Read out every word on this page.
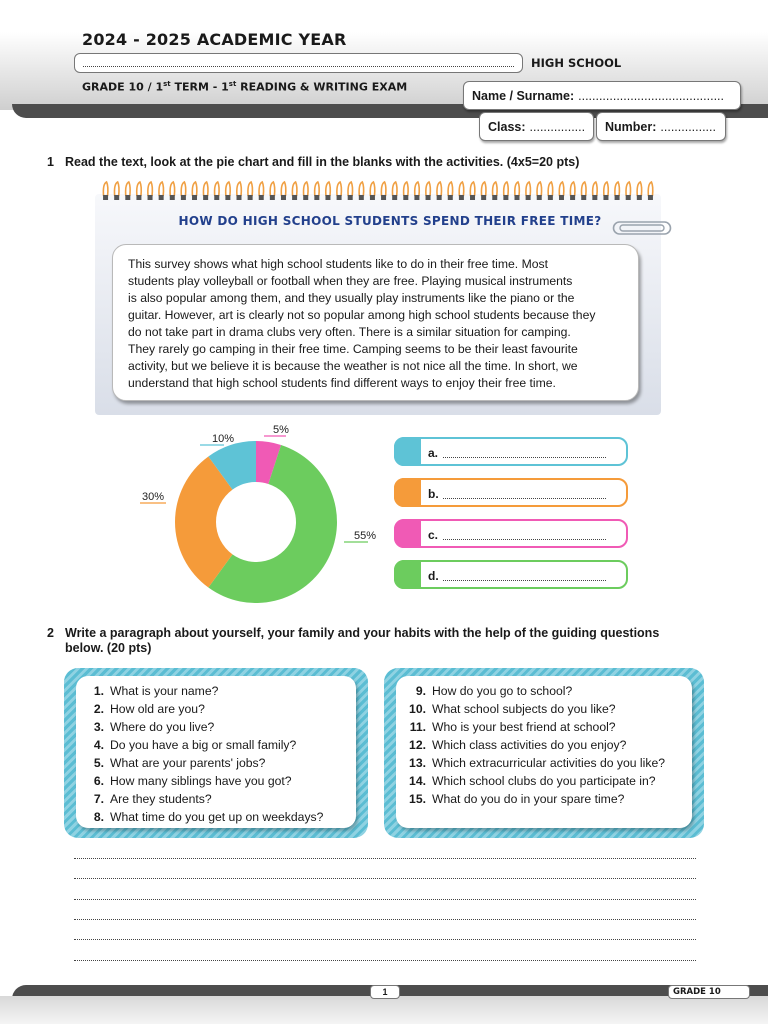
2024 - 2025 ACADEMIC YEAR
HIGH SCHOOL
GRADE 10 / 1st TERM - 1st READING & WRITING EXAM
Name / Surname: ..........................................
Class: ................ Number: ................
1 Read the text, look at the pie chart and fill in the blanks with the activities. (4x5=20 pts)
HOW DO HIGH SCHOOL STUDENTS SPEND THEIR FREE TIME?

This survey shows what high school students like to do in their free time. Most
students play volleyball or football when they are free. Playing musical instruments
is also popular among them, and they usually play instruments like the piano or the
guitar. However, art is clearly not so popular among high school students because they
do not take part in drama clubs very often. There is a similar situation for camping.
They rarely go camping in their free time. Camping seems to be their least favourite
activity, but we believe it is because the weather is not nice all the time. In short, we
understand that high school students find different ways to enjoy their free time.

5%
55%
30%
10%
a.
b.
c.
d.
2 Write a paragraph about yourself, your family and your habits with the help of the guiding questions
below. (20 pts)
1. What is your name?
2. How old are you?
3. Where do you live?
4. Do you have a big or small family?
5. What are your parents' jobs?
6. How many siblings have you got?
7. Are they students?
8. What time do you get up on weekdays?
9. How do you go to school?
10. What school subjects do you like?
11. Who is your best friend at school?
12. Which class activities do you enjoy?
13. Which extracurricular activities do you like?
14. Which school clubs do you participate in?
15. What do you do in your spare time?
1	GRADE 10
